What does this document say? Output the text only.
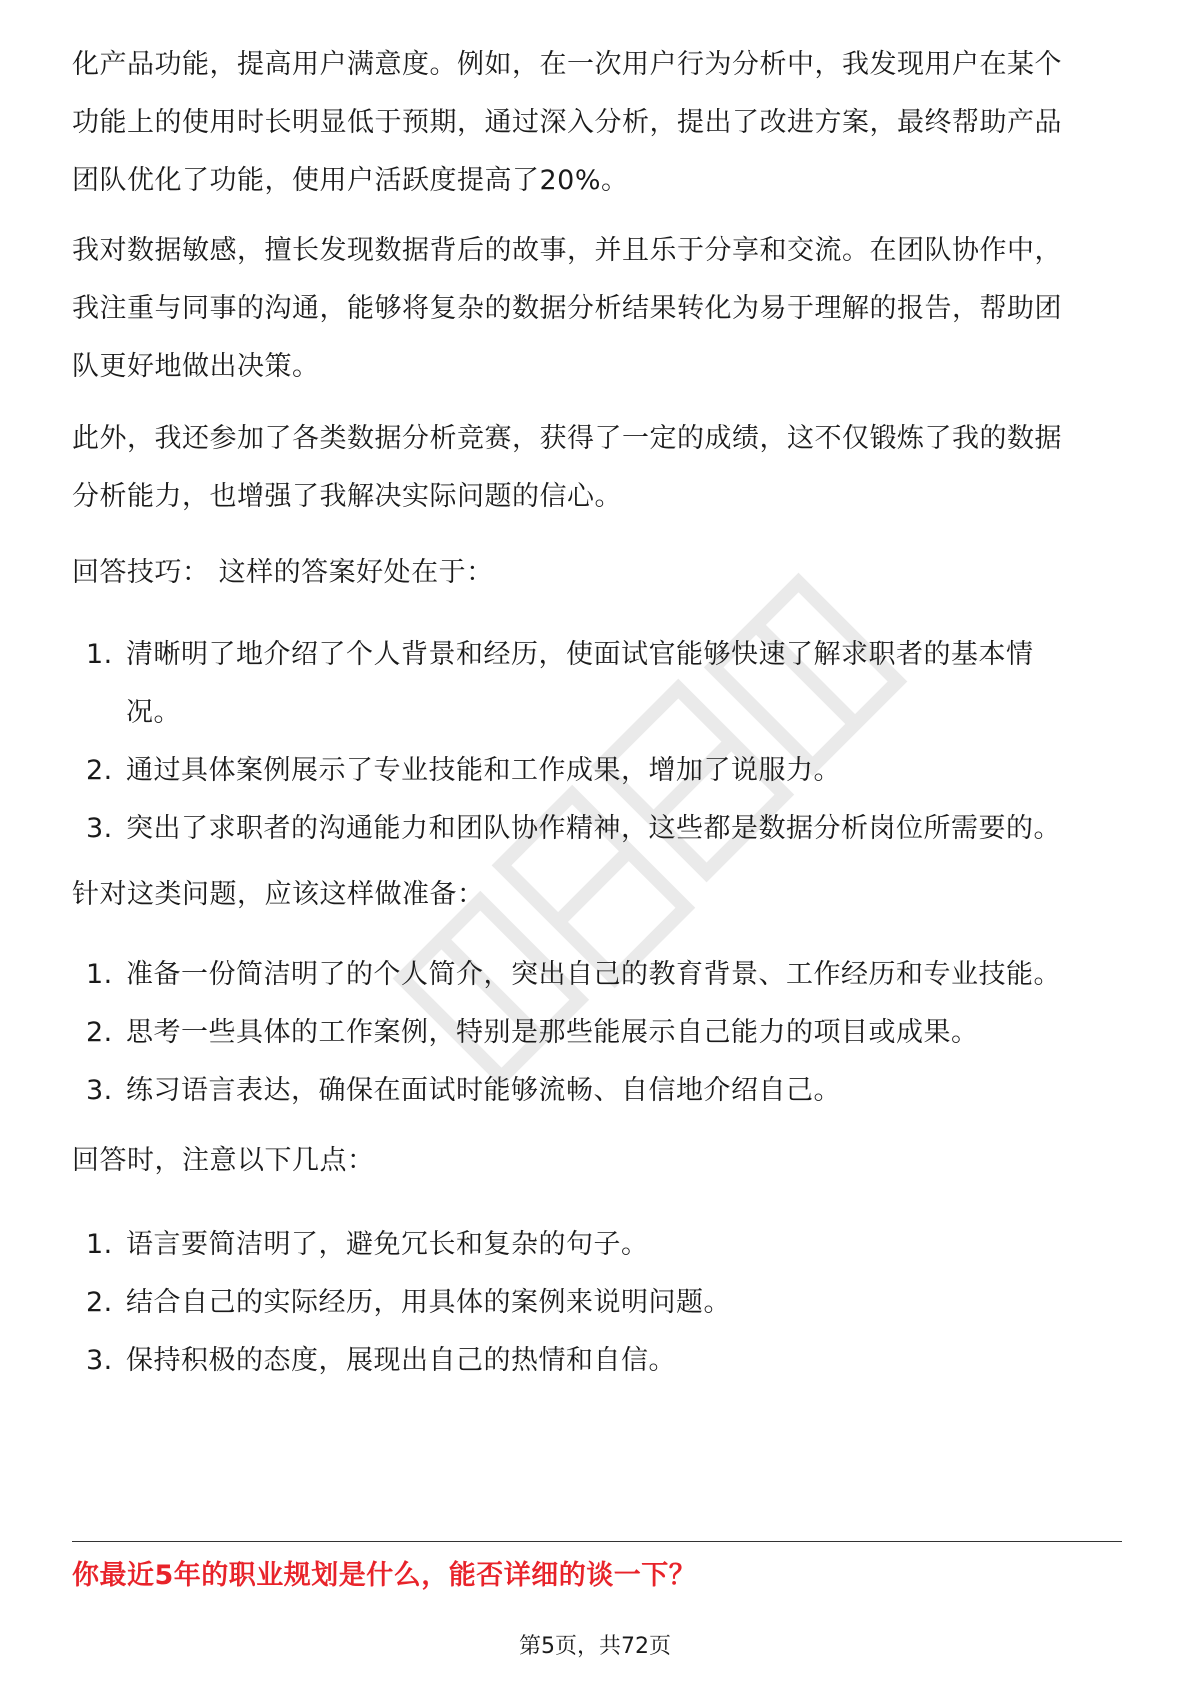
化产品功能，提高用户满意度。例如，在一次用户行为分析中，我发现用户在某个
功能上的使用时长明显低于预期，通过深入分析，提出了改进方案，最终帮助产品
团队优化了功能，使用户活跃度提高了20%。

我对数据敏感，擅长发现数据背后的故事，并且乐于分享和交流。在团队协作中，
我注重与同事的沟通，能够将复杂的数据分析结果转化为易于理解的报告，帮助团
队更好地做出决策。

此外，我还参加了各类数据分析竞赛，获得了一定的成绩，这不仅锻炼了我的数据
分析能力，也增强了我解决实际问题的信心。

回答技巧： 这样的答案好处在于：

1. 清晰明了地介绍了个人背景和经历，使面试官能够快速了解求职者的基本情
况。
2. 通过具体案例展示了专业技能和工作成果，增加了说服力。
3. 突出了求职者的沟通能力和团队协作精神，这些都是数据分析岗位所需要的。

针对这类问题，应该这样做准备：

1. 准备一份简洁明了的个人简介，突出自己的教育背景、工作经历和专业技能。
2. 思考一些具体的工作案例，特别是那些能展示自己能力的项目或成果。
3. 练习语言表达，确保在面试时能够流畅、自信地介绍自己。

回答时，注意以下几点：

1. 语言要简洁明了，避免冗长和复杂的句子。
2. 结合自己的实际经历，用具体的案例来说明问题。
3. 保持积极的态度，展现出自己的热情和自信。
你最近5年的职业规划是什么，能否详细的谈一下？
第5页，共72页
